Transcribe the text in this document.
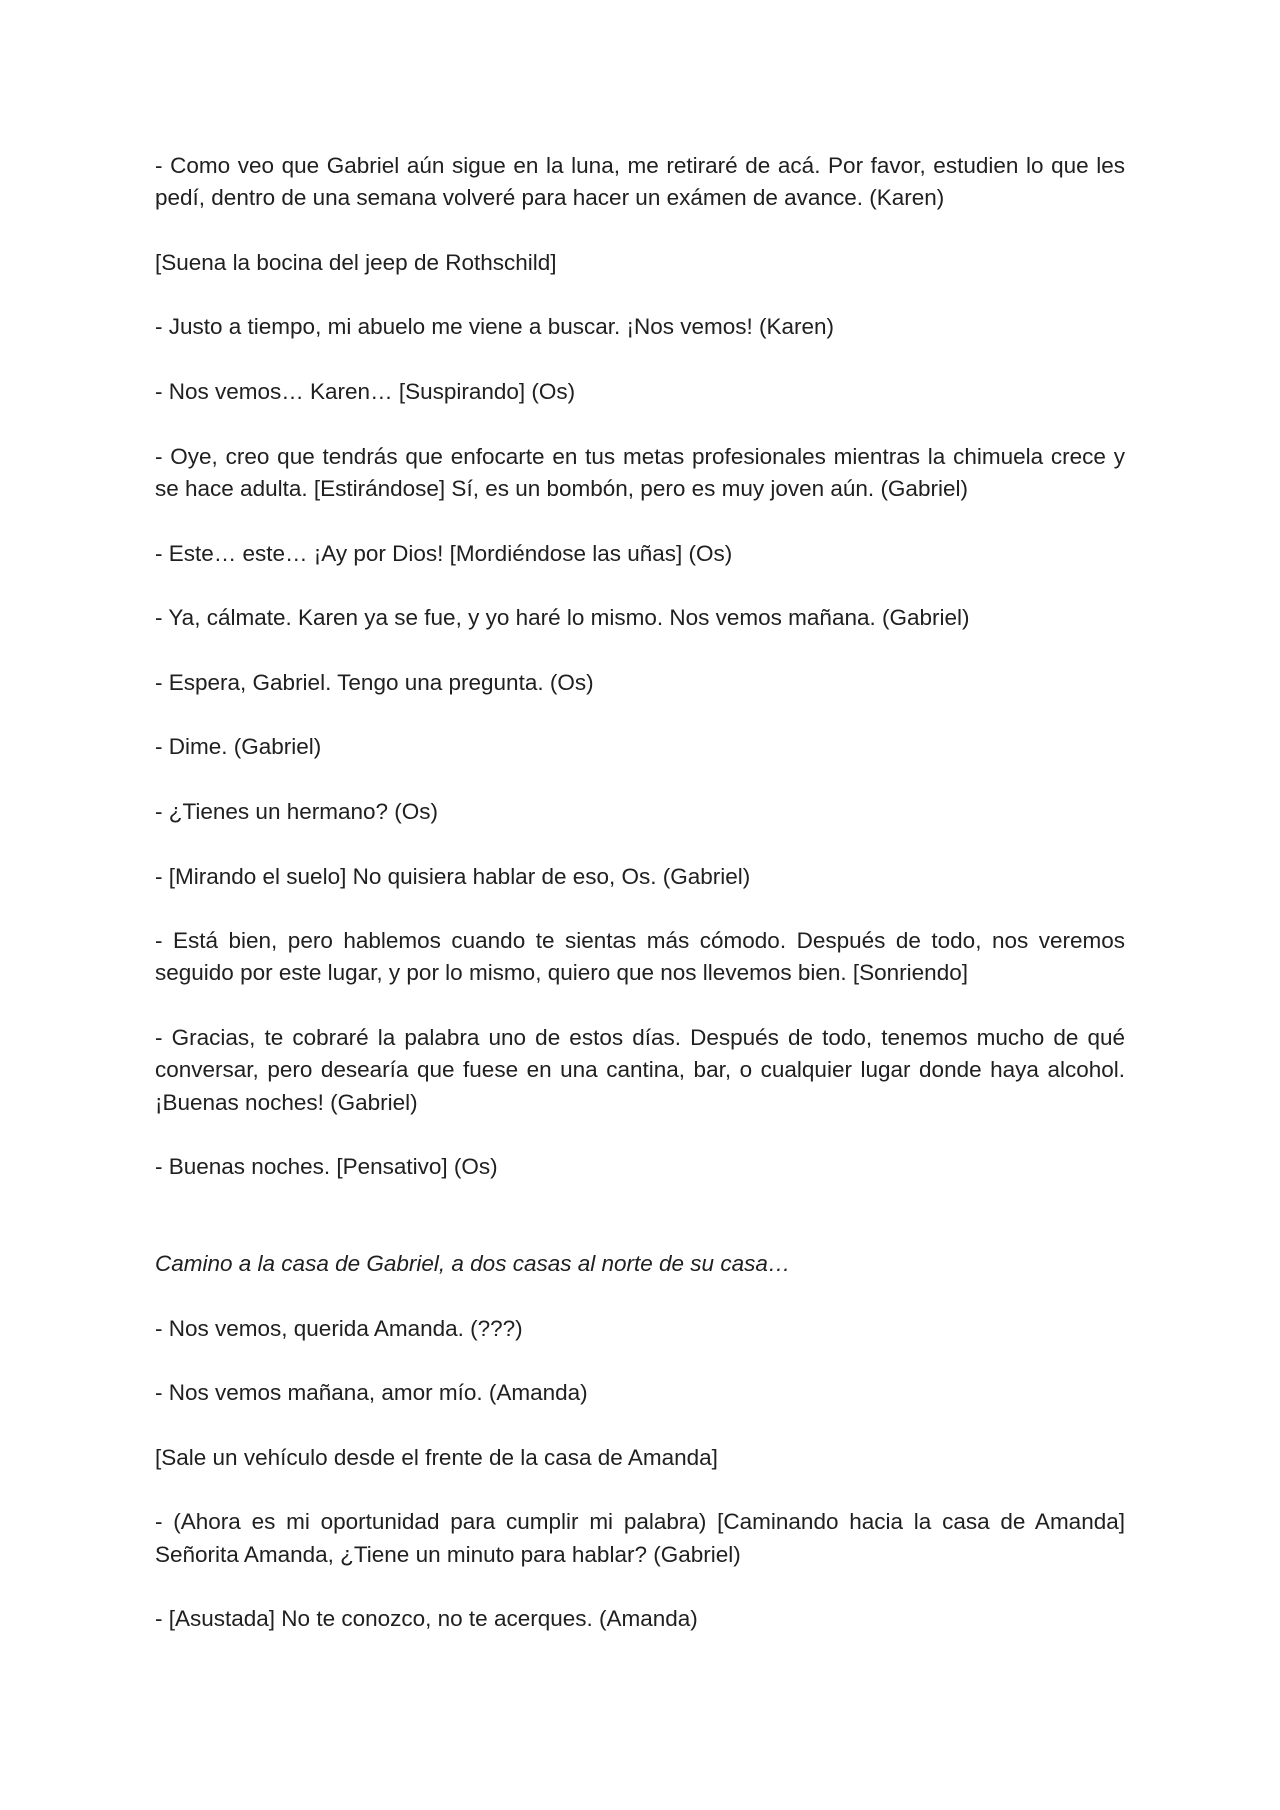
- Como veo que Gabriel aún sigue en la luna, me retiraré de acá. Por favor, estudien lo que les pedí, dentro de una semana volveré para hacer un exámen de avance. (Karen)

[Suena la bocina del jeep de Rothschild]

- Justo a tiempo, mi abuelo me viene a buscar. ¡Nos vemos! (Karen)

- Nos vemos… Karen… [Suspirando] (Os)

- Oye, creo que tendrás que enfocarte en tus metas profesionales mientras la chimuela crece y se hace adulta. [Estirándose] Sí, es un bombón, pero es muy joven aún. (Gabriel)

- Este… este… ¡Ay por Dios! [Mordiéndose las uñas] (Os)

- Ya, cálmate. Karen ya se fue, y yo haré lo mismo. Nos vemos mañana. (Gabriel)

- Espera, Gabriel. Tengo una pregunta. (Os)

- Dime. (Gabriel)

- ¿Tienes un hermano? (Os)

- [Mirando el suelo] No quisiera hablar de eso, Os. (Gabriel)

- Está bien, pero hablemos cuando te sientas más cómodo. Después de todo, nos veremos seguido por este lugar, y por lo mismo, quiero que nos llevemos bien. [Sonriendo]

- Gracias, te cobraré la palabra uno de estos días. Después de todo, tenemos mucho de qué conversar, pero desearía que fuese en una cantina, bar, o cualquier lugar donde haya alcohol. ¡Buenas noches! (Gabriel)

- Buenas noches. [Pensativo] (Os)

Camino a la casa de Gabriel, a dos casas al norte de su casa…

- Nos vemos, querida Amanda. (???)

- Nos vemos mañana, amor mío. (Amanda)

[Sale un vehículo desde el frente de la casa de Amanda]

- (Ahora es mi oportunidad para cumplir mi palabra) [Caminando hacia la casa de Amanda] Señorita Amanda, ¿Tiene un minuto para hablar? (Gabriel)

- [Asustada] No te conozco, no te acerques. (Amanda)
